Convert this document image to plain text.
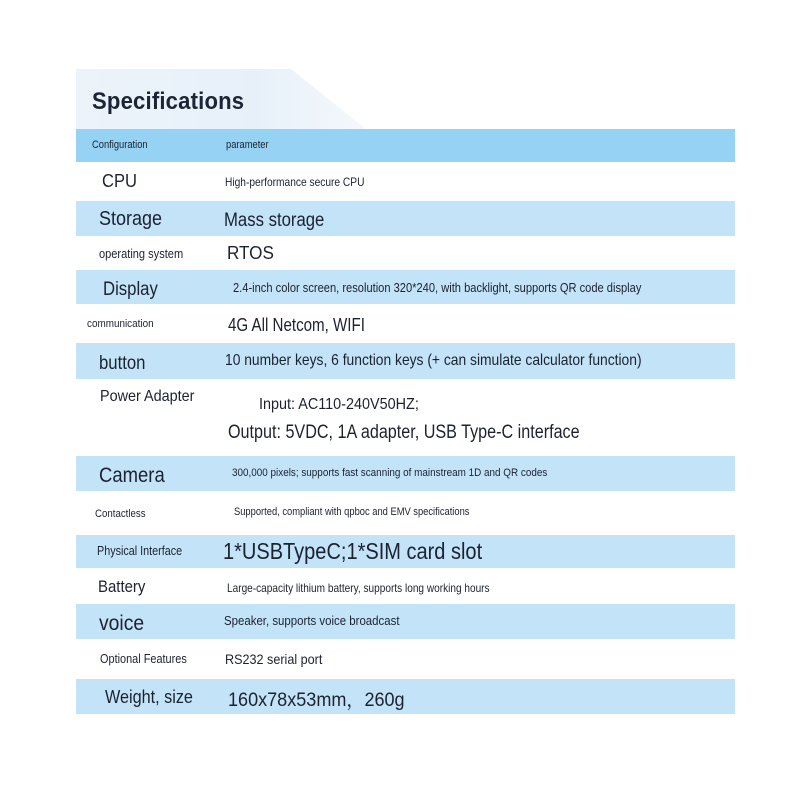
Specifications
Configuration	parameter
CPU	High-performance secure CPU
Storage	Mass storage
operating system RTOS
Display	2.4-inch color screen, resolution 320*240, with backlight, supports QR code display
communication	4G All Netcom, WIFI
button	10 number keys, 6 function keys (+ can simulate calculator function)
Power Adapter	Input: AC110-240V50HZ;
Output: 5VDC, 1A adapter, USB Type-C interface
Camera	300,000 pixels; supports fast scanning of mainstream 1D and QR codes
Contactless	Supported, compliant with qpboc and EMV specifications
Physical Interface 1*USBTypeC;1*SIM card slot
Battery	Large-capacity lithium battery, supports long working hours
voice	Speaker, supports voice broadcast
Optional Features	RS232 serial port
Weight, size 160x78x53mm，260g
